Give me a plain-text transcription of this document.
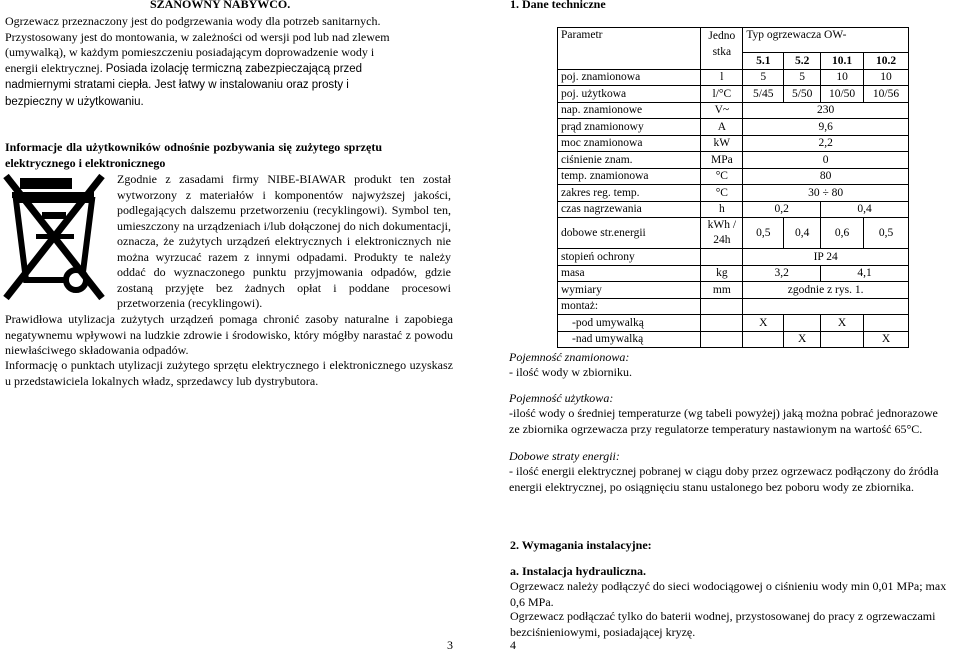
SZANOWNY NABYWCO.

Ogrzewacz przeznaczony jest do podgrzewania wody dla potrzeb sanitarnych. Przystosowany jest do montowania, w zależności od wersji pod lub nad zlewem (umywalką), w każdym pomieszczeniu posiadającym doprowadzenie wody i energii elektrycznej. Posiada izolację termiczną zabezpieczającą przed nadmiernymi stratami ciepła. Jest łatwy w instalowaniu oraz prosty i bezpieczny w użytkowaniu.

Informacje dla użytkowników odnośnie pozbywania się zużytego sprzętu elektrycznego i elektronicznego

Zgodnie z zasadami firmy NIBE-BIAWAR produkt ten został wytworzony z materiałów i komponentów najwyższej jakości, podlegających dalszemu przetworzeniu (recyklingowi). Symbol ten, umieszczony na urządzeniach i/lub dołączonej do nich dokumentacji, oznacza, że zużytych urządzeń elektrycznych i elektronicznych nie można wyrzucać razem z innymi odpadami. Produkty te należy oddać do wyznaczonego punktu przyjmowania odpadów, gdzie zostaną przyjęte bez żadnych opłat i poddane procesowi przetworzenia (recyklingowi).

Prawidłowa utylizacja zużytych urządzeń pomaga chronić zasoby naturalne i zapobiega negatywnemu wpływowi na ludzkie zdrowie i środowisko, który mógłby narastać z powodu niewłaściwego składowania odpadów.

Informację o punktach utylizacji zużytego sprzętu elektrycznego i elektronicznego uzyskasz u przedstawiciela lokalnych władz, sprzedawcy lub dystrybutora.

3
1. Dane techniczne
Parametr	Jedno stka	Typ ogrzewacza OW-			
		5.1	5.2	10.1	10.2
poj. znamionowa	l	5	5	10	10
poj. użytkowa	l/°C	5/45	5/50	10/50	10/56
nap. znamionowe	V~	230			
prąd znamionowy	A	9,6			
moc znamionowa	kW	2,2			
ciśnienie znam.	MPa	0			
temp. znamionowa	°C	80			
zakres reg. temp.	°C	30 ÷ 80			
czas nagrzewania	h	0,2		0,4	
dobowe str.energii	kWh / 24h	0,5	0,4	0,6	0,5
stopień ochrony		IP 24			
masa	kg	3,2		4,1	
wymiary	mm	zgodnie z rys. 1.			
montaż:					
-pod umywalką		X		X	
-nad umywalką			X		X
Pojemność znamionowa:
- ilość wody w zbiorniku.
Pojemność użytkowa:

-ilość wody o średniej temperaturze (wg tabeli powyżej) jaką można pobrać jednorazowe ze zbiornika ogrzewacza przy regulatorze temperatury nastawionym na wartość 65°C.

Dobowe straty energii:

- ilość energii elektrycznej pobranej w ciągu doby przez ogrzewacz podłączony do źródła energii elektrycznej, po osiągnięciu stanu ustalonego bez poboru wody ze zbiornika.

2. Wymagania instalacyjne:
a. Instalacja hydrauliczna.

Ogrzewacz należy podłączyć do sieci wodociągowej o ciśnieniu wody min 0,01 MPa; max 0,6 MPa.

Ogrzewacz podłączać tylko do baterii wodnej, przystosowanej do pracy z ogrzewaczami bezciśnieniowymi, posiadającej kryzę.

4
